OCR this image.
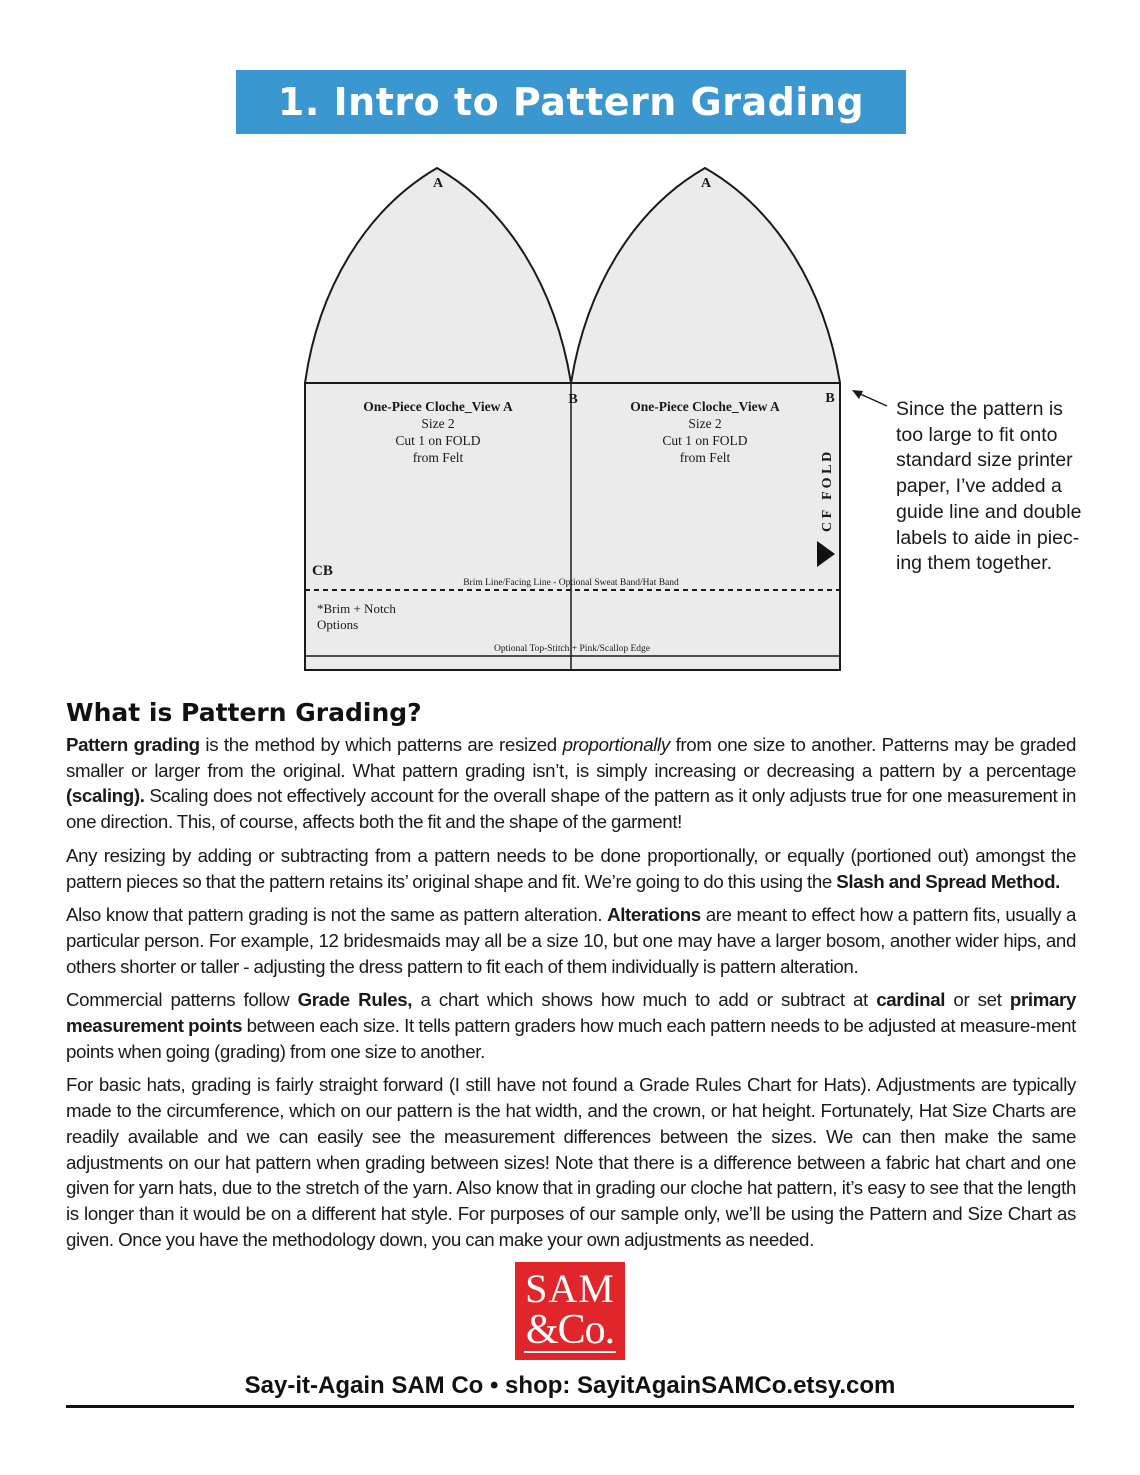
1. Intro to Pattern Grading
A	A
B	B
One-Piece Cloche_View A
Size 2
Cut 1 on FOLD
from Felt
One-Piece Cloche_View A
Size 2
Cut 1 on FOLD
from Felt	C F   F O L D
CB
Brim Line/Facing Line - Optional Sweat Band/Hat Band
*Brim + Notch
Options
Optional Top-Stitch + Pink/Scallop Edge

Since the pattern is too large to fit onto standard size printer paper, I’ve added a guide line and double labels to aide in piec-ing them together.

What is Pattern Grading?

Pattern grading is the method by which patterns are resized proportionally from one size to another. Patterns may be graded smaller or larger from the original. What pattern grading isn’t, is simply increasing or decreasing a pattern by a percentage (scaling). Scaling does not effectively account for the overall shape of the pattern as it only adjusts true for one measurement in one direction. This, of course, affects both the fit and the shape of the garment!

Any resizing by adding or subtracting from a pattern needs to be done proportionally, or equally (portioned out) amongst the pattern pieces so that the pattern retains its’ original shape and fit. We’re going to do this using the Slash and Spread Method.

Also know that pattern grading is not the same as pattern alteration. Alterations are meant to effect how a pattern fits, usually a particular person. For example, 12 bridesmaids may all be a size 10, but one may have a larger bosom, another wider hips, and others shorter or taller - adjusting the dress pattern to fit each of them individually is pattern alteration.

Commercial patterns follow Grade Rules, a chart which shows how much to add or subtract at cardinal or set primary measurement points between each size. It tells pattern graders how much each pattern needs to be adjusted at measure-ment points when going (grading) from one size to another.

For basic hats, grading is fairly straight forward (I still have not found a Grade Rules Chart for Hats). Adjustments are typically made to the circumference, which on our pattern is the hat width, and the crown, or hat height. Fortunately, Hat Size Charts are readily available and we can easily see the measurement differences between the sizes. We can then make the same adjustments on our hat pattern when grading between sizes! Note that there is a difference between a fabric hat chart and one given for yarn hats, due to the stretch of the yarn. Also know that in grading our cloche hat pattern, it’s easy to see that the length is longer than it would be on a different hat style. For purposes of our sample only, we’ll be using the Pattern and Size Chart as given. Once you have the methodology down, you can make your own adjustments as needed.

SAM
&Co.

Say-it-Again SAM Co • shop: SayitAgainSAMCo.etsy.com
